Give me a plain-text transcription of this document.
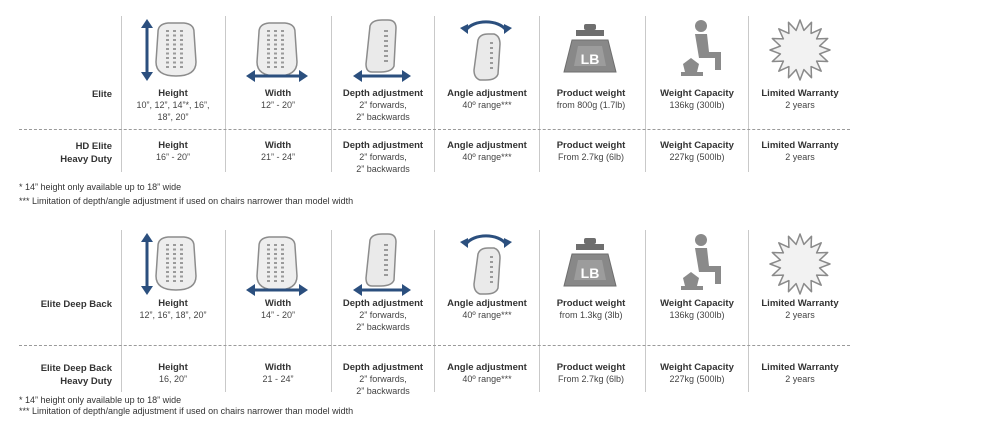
LB
Elite	Height
10”, 12”, 14”*, 16”,
18”, 20”
Width
12” - 20”
Depth adjustment
2” forwards,
2” backwards
Angle adjustment
40º range***
Product weight
from 800g (1.7lb)
Weight Capacity
136kg (300lb)
Limited Warranty
2 years
HD Elite
Heavy Duty
Height
16” - 20”
Width
21” - 24”
Depth adjustment
2” forwards,
2” backwards
Angle adjustment
40º range***
Product weight
From 2.7kg (6lb)
Weight Capacity
227kg (500lb)
Limited Warranty
2 years
* 14” height only available up to 18” wide
*** Limitation of depth/angle adjustment if used on chairs narrower than model width
LB
Elite Deep Back	Height
12”, 16”, 18”, 20”
Width
14” - 20”
Depth adjustment
2” forwards,
2” backwards
Angle adjustment
40º range***
Product weight
from 1.3kg (3lb)
Weight Capacity
136kg (300lb)
Limited Warranty
2 years
Elite Deep Back
Heavy Duty
Height
16, 20”
Width
21 - 24”
Depth adjustment
2” forwards,
2” backwards
Angle adjustment
40º range***
Product weight
From 2.7kg (6lb)
Weight Capacity
227kg (500lb)
Limited Warranty
2 years
* 14” height only available up to 18” wide
*** Limitation of depth/angle adjustment if used on chairs narrower than model width
